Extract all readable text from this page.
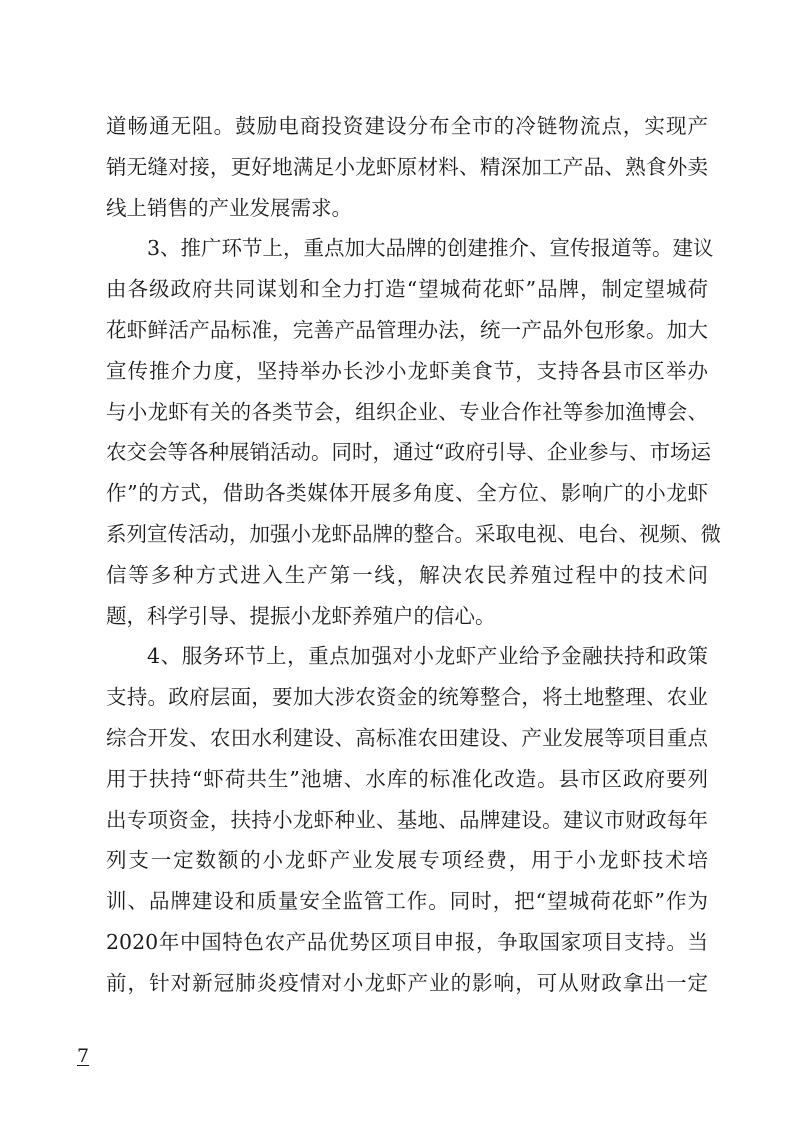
道畅通无阻。鼓励电商投资建设分布全市的冷链物流点，实现产
销无缝对接，更好地满足小龙虾原材料、精深加工产品、熟食外卖
线上销售的产业发展需求。
3、推广环节上，重点加大品牌的创建推介、宣传报道等。建议
由各级政府共同谋划和全力打造“望城荷花虾”品牌，制定望城荷
花虾鲜活产品标准，完善产品管理办法，统一产品外包形象。加大
宣传推介力度，坚持举办长沙小龙虾美食节，支持各县市区举办
与小龙虾有关的各类节会，组织企业、专业合作社等参加渔博会、
农交会等各种展销活动。同时，通过“政府引导、企业参与、市场运
作”的方式，借助各类媒体开展多角度、全方位、影响广的小龙虾
系列宣传活动，加强小龙虾品牌的整合。采取电视、电台、视频、微
信等多种方式进入生产第一线，解决农民养殖过程中的技术问
题，科学引导、提振小龙虾养殖户的信心。
4、服务环节上，重点加强对小龙虾产业给予金融扶持和政策
支持。政府层面，要加大涉农资金的统筹整合，将土地整理、农业
综合开发、农田水利建设、高标准农田建设、产业发展等项目重点
用于扶持“虾荷共生”池塘、水库的标准化改造。县市区政府要列
出专项资金，扶持小龙虾种业、基地、品牌建设。建议市财政每年
列支一定数额的小龙虾产业发展专项经费，用于小龙虾技术培
训、品牌建设和质量安全监管工作。同时，把“望城荷花虾”作为
2020年中国特色农产品优势区项目申报，争取国家项目支持。当
前，针对新冠肺炎疫情对小龙虾产业的影响，可从财政拿出一定
7
